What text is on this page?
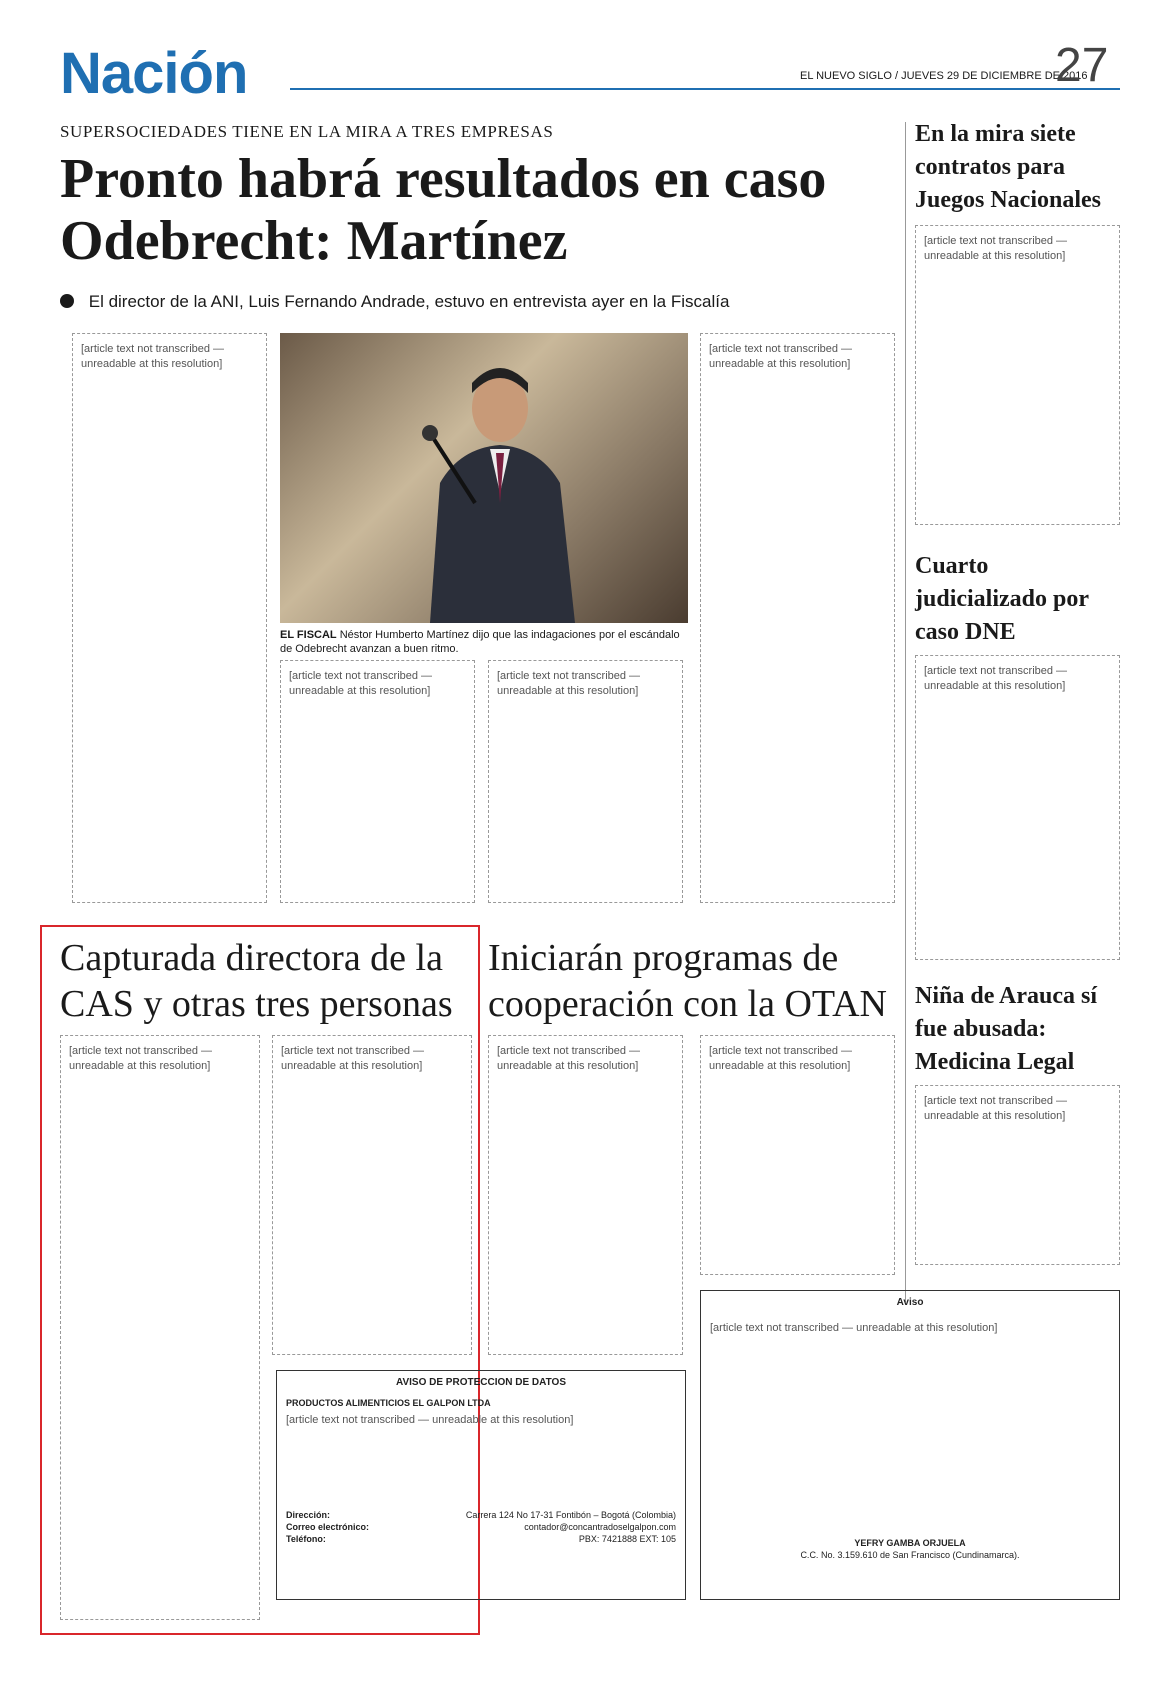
Nación	EL NUEVO SIGLO / JUEVES 29 DE DICIEMBRE DE 2016
27
SUPERSOCIEDADES TIENE EN LA MIRA A TRES EMPRESAS
Pronto habrá resultados en caso Odebrecht: Martínez
El director de la ANI, Luis Fernando Andrade, estuvo en entrevista ayer en la Fiscalía
[article text not transcribed — unreadable at this resolution]
[article text not transcribed — unreadable at this resolution]
[article text not transcribed — unreadable at this resolution]
[article text not transcribed — unreadable at this resolution]
EL FISCAL Néstor Humberto Martínez dijo que las indagaciones por el escándalo de Odebrecht avanzan a buen ritmo.
En la mira siete contratos para Juegos Nacionales
[article text not transcribed — unreadable at this resolution]
Cuarto judicializado por caso DNE
[article text not transcribed — unreadable at this resolution]
Niña de Arauca sí fue abusada: Medicina Legal
[article text not transcribed — unreadable at this resolution]
Capturada directora de la CAS y otras tres personas
[article text not transcribed — unreadable at this resolution]
[article text not transcribed — unreadable at this resolution]
Iniciarán programas de cooperación con la OTAN
[article text not transcribed — unreadable at this resolution]
[article text not transcribed — unreadable at this resolution]
AVISO DE PROTECCION DE DATOS
PRODUCTOS ALIMENTICIOS EL GALPON LTDA
[article text not transcribed — unreadable at this resolution]
Dirección:	Carrera 124 No 17-31 Fontibón – Bogotá (Colombia)
Correo electrónico:	contador@concantradoselgalpon.com
Teléfono:	PBX: 7421888 EXT: 105
Aviso
[article text not transcribed — unreadable at this resolution]
YEFRY GAMBA ORJUELA
C.C. No. 3.159.610 de San Francisco (Cundinamarca).
